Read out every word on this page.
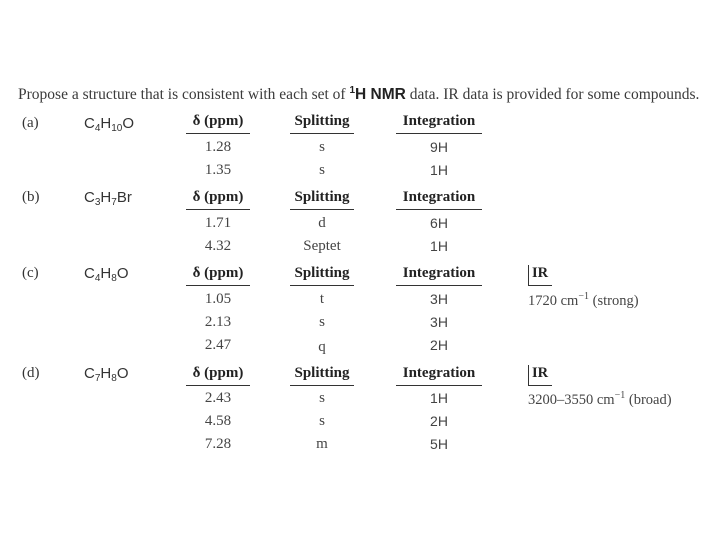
Propose a structure that is consistent with each set of $^1$H NMR data. IR data is provided for some compounds.
(a)	$C_4H_{10}O$	δ (ppm)	Splitting	Integration
1.28	s	9H
1.35	s	1H
(b)	$C_3H_7Br$	δ (ppm)	Splitting	Integration
1.71	d	6H
4.32	Septet	1H
(c)	$C_4H_8O$	δ (ppm)	Splitting	Integration	IR
1.05	t	3H	1720 $cm^{-1}$ (strong)
2.13	s	3H
2.47	q	2H
(d)	$C_7H_8O$	δ (ppm)	Splitting	Integration	IR
2.43	s	1H	3200–3550 $cm^{-1}$ (broad)
4.58	s	2H
7.28	m	5H
